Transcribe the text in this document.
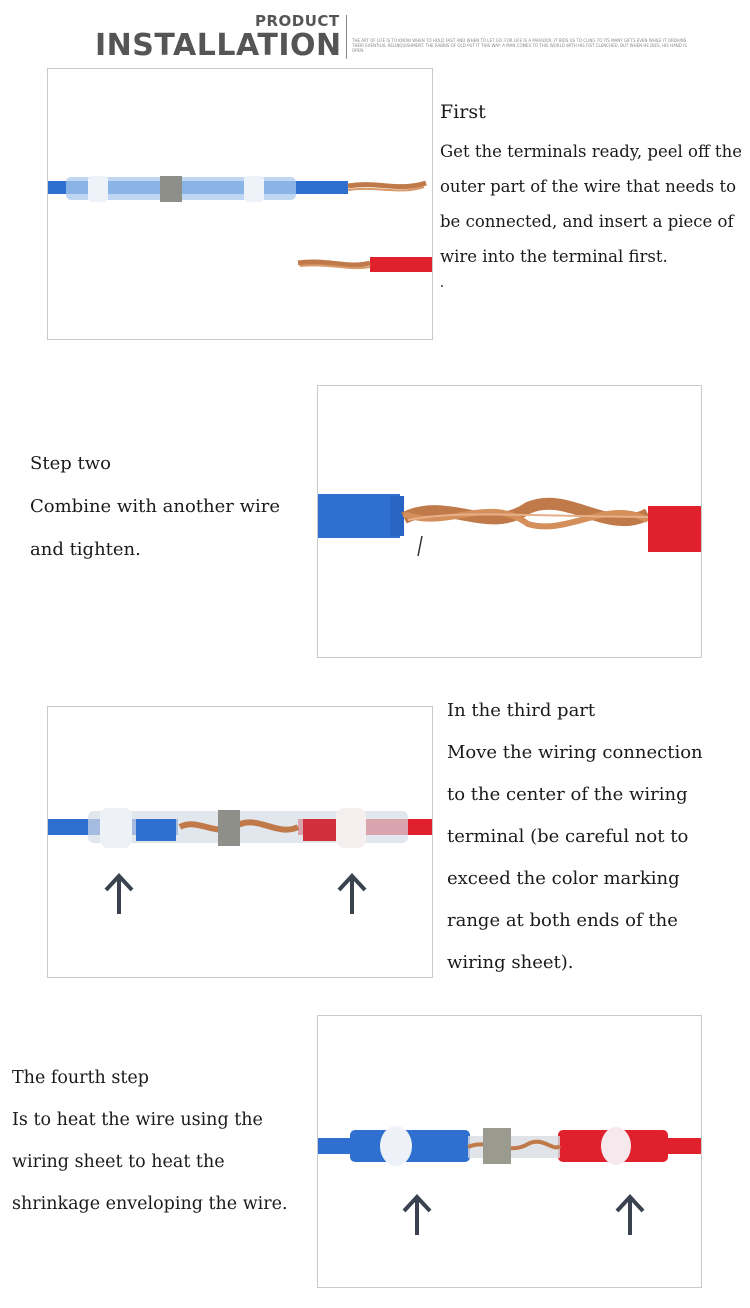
PRODUCT
INSTALLATION	THE ART OF LIFE IS TO KNOW WHEN TO HOLD FAST AND WHEN TO LET GO. FOR LIFE IS A PARADOX: IT BIDS US TO CLING TO ITS MANY GIFTS EVEN WHILE IT ORDAINS THEIR EVENTUAL RELINQUISHMENT. THE RABBIS OF OLD PUT IT THIS WAY: A MAN COMES TO THIS WORLD WITH HIS FIST CLENCHED, BUT WHEN HE DIES, HIS HAND IS OPEN.
First
Get the terminals ready, peel off the
outer part of the wire that needs to
be connected, and insert a piece of
wire into the terminal first.
Step two
Combine with another wire
and tighten.
In the third part
Move the wiring connection
to the center of the wiring
terminal (be careful not to
exceed the color marking
range at both ends of the
wiring sheet).
The fourth step
Is to heat the wire using the
wiring sheet to heat the
shrinkage enveloping the wire.
